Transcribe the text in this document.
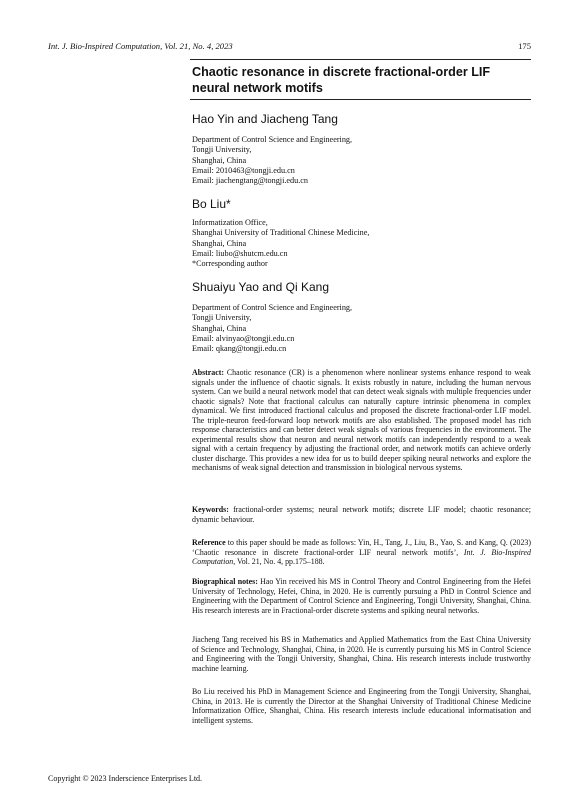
Int. J. Bio-Inspired Computation, Vol. 21, No. 4, 2023	175
Chaotic resonance in discrete fractional-order LIF neural network motifs
Hao Yin and Jiacheng Tang
Department of Control Science and Engineering,
Tongji University,
Shanghai, China
Email: 2010463@tongji.edu.cn
Email: jiachengtang@tongji.edu.cn
Bo Liu*
Informatization Office,
Shanghai University of Traditional Chinese Medicine,
Shanghai, China
Email: liubo@shutcm.edu.cn
*Corresponding author
Shuaiyu Yao and Qi Kang
Department of Control Science and Engineering,
Tongji University,
Shanghai, China
Email: alvinyao@tongji.edu.cn
Email: qkang@tongji.edu.cn
Abstract: Chaotic resonance (CR) is a phenomenon where nonlinear systems enhance respond to weak signals under the influence of chaotic signals. It exists robustly in nature, including the human nervous system. Can we build a neural network model that can detect weak signals with multiple frequencies under chaotic signals? Note that fractional calculus can naturally capture intrinsic phenomena in complex dynamical. We first introduced fractional calculus and proposed the discrete fractional-order LIF model. The triple-neuron feed-forward loop network motifs are also established. The proposed model has rich response characteristics and can better detect weak signals of various frequencies in the environment. The experimental results show that neuron and neural network motifs can independently respond to a weak signal with a certain frequency by adjusting the fractional order, and network motifs can achieve orderly cluster discharge. This provides a new idea for us to build deeper spiking neural networks and explore the mechanisms of weak signal detection and transmission in biological nervous systems.
Keywords: fractional-order systems; neural network motifs; discrete LIF model; chaotic resonance; dynamic behaviour.
Reference to this paper should be made as follows: Yin, H., Tang, J., Liu, B., Yao, S. and Kang, Q. (2023) ‘Chaotic resonance in discrete fractional-order LIF neural network motifs’, Int. J. Bio-Inspired Computation, Vol. 21, No. 4, pp.175–188.
Biographical notes: Hao Yin received his MS in Control Theory and Control Engineering from the Hefei University of Technology, Hefei, China, in 2020. He is currently pursuing a PhD in Control Science and Engineering with the Department of Control Science and Engineering, Tongji University, Shanghai, China. His research interests are in Fractional-order discrete systems and spiking neural networks.
Jiacheng Tang received his BS in Mathematics and Applied Mathematics from the East China University of Science and Technology, Shanghai, China, in 2020. He is currently pursuing his MS in Control Science and Engineering with the Tongji University, Shanghai, China. His research interests include trustworthy machine learning.
Bo Liu received his PhD in Management Science and Engineering from the Tongji University, Shanghai, China, in 2013. He is currently the Director at the Shanghai University of Traditional Chinese Medicine Informatization Office, Shanghai, China. His research interests include educational informatisation and intelligent systems.
Copyright © 2023 Inderscience Enterprises Ltd.
